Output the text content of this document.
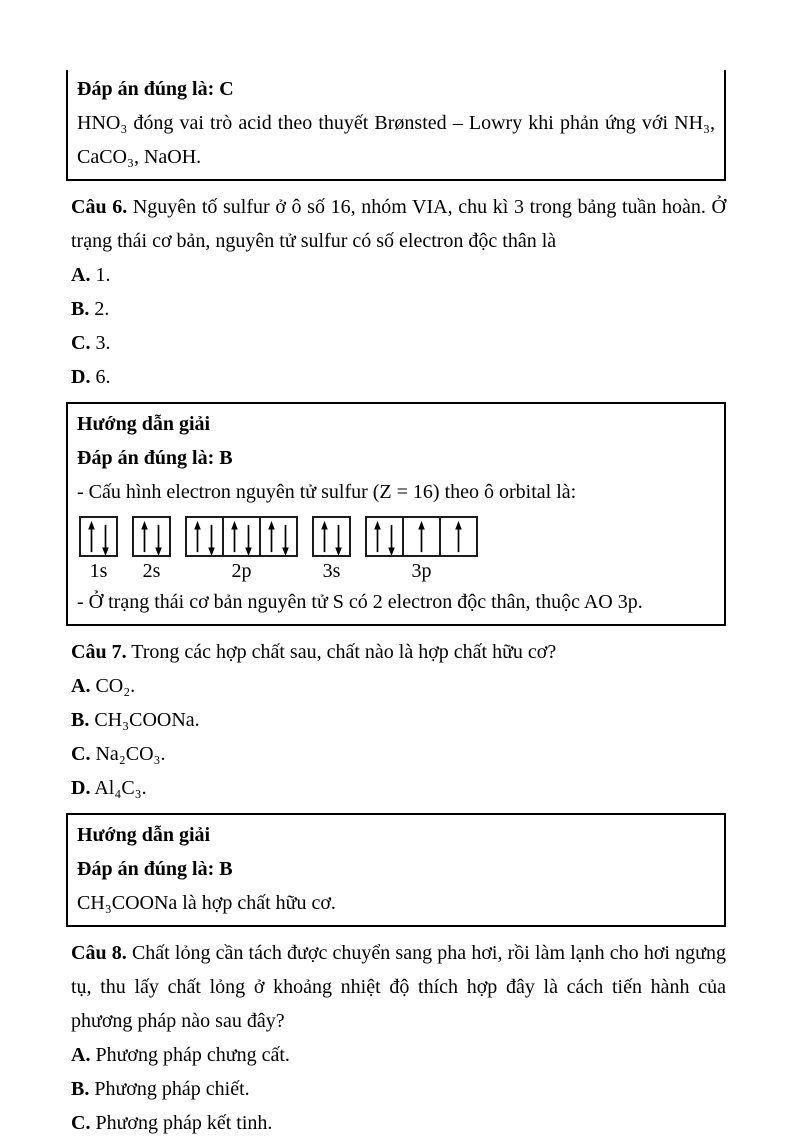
Đáp án đúng là: C

HNO₃ đóng vai trò acid theo thuyết Brønsted – Lowry khi phản ứng với NH₃, CaCO₃, NaOH.

Câu 6. Nguyên tố sulfur ở ô số 16, nhóm VIA, chu kì 3 trong bảng tuần hoàn. Ở trạng thái cơ bản, nguyên tử sulfur có số electron độc thân là

A. 1.

B. 2.

C. 3.

D. 6.

Hướng dẫn giải

Đáp án đúng là: B

- Cấu hình electron nguyên tử sulfur (Z = 16) theo ô orbital là:

1s	2s	2p	3s	3p

- Ở trạng thái cơ bản nguyên tử S có 2 electron độc thân, thuộc AO 3p.

Câu 7. Trong các hợp chất sau, chất nào là hợp chất hữu cơ?

A. CO₂.

B. CH₃COONa.

C. Na₂CO₃.

D. Al₄C₃.

Hướng dẫn giải

Đáp án đúng là: B

CH₃COONa là hợp chất hữu cơ.

Câu 8. Chất lỏng cần tách được chuyển sang pha hơi, rồi làm lạnh cho hơi ngưng tụ, thu lấy chất lỏng ở khoảng nhiệt độ thích hợp đây là cách tiến hành của phương pháp nào sau đây?

A. Phương pháp chưng cất.

B. Phương pháp chiết.

C. Phương pháp kết tinh.
